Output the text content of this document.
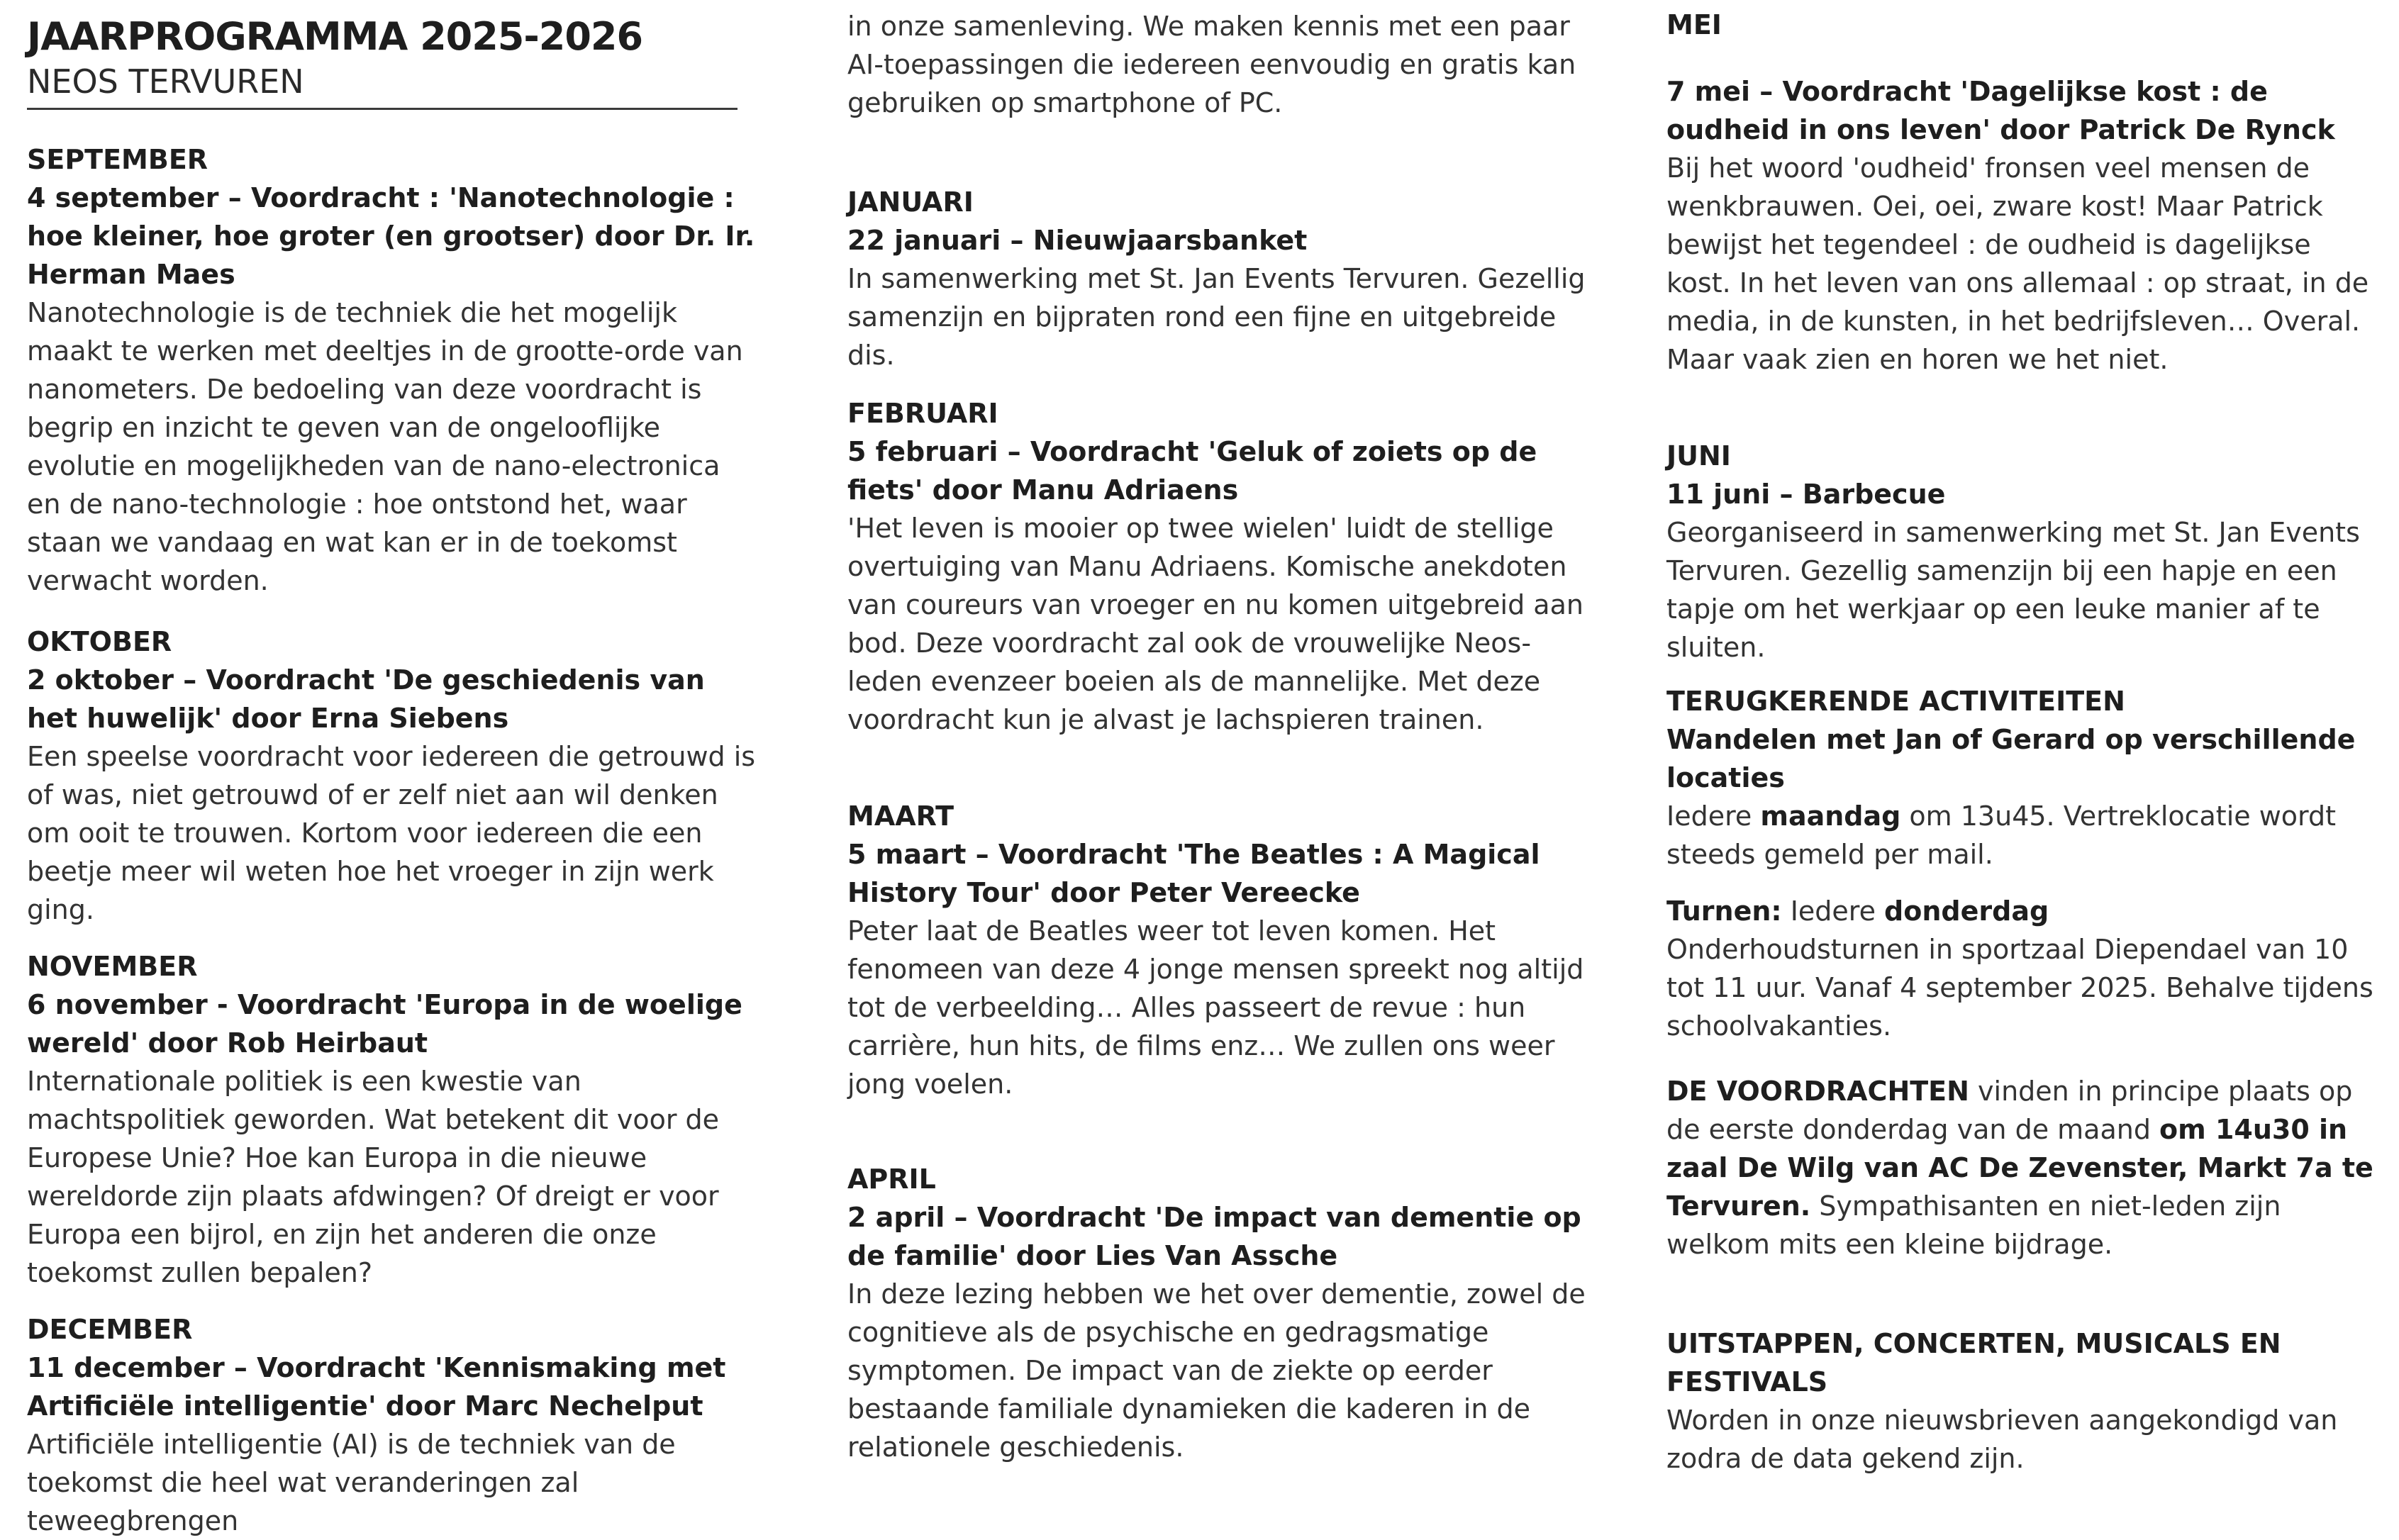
JAARPROGRAMMA 2025-2026
NEOS TERVUREN
SEPTEMBER
4 september – Voordracht : 'Nanotechnologie : hoe kleiner, hoe groter (en grootser) door Dr. Ir. Herman Maes

Nanotechnologie is de techniek die het mogelijk maakt te werken met deeltjes in de grootte-orde van nanometers. De bedoeling van deze voordracht is begrip en inzicht te geven van de ongelooflijke evolutie en mogelijkheden van de nano-electronica en de nano-technologie : hoe ontstond het, waar staan we vandaag en wat kan er in de toekomst verwacht worden.

OKTOBER
2 oktober – Voordracht 'De geschiedenis van het huwelijk' door Erna Siebens

Een speelse voordracht voor iedereen die getrouwd is of was, niet getrouwd of er zelf niet aan wil denken om ooit te trouwen. Kortom voor iedereen die een beetje meer wil weten hoe het vroeger in zijn werk ging.

NOVEMBER
6 november - Voordracht 'Europa in de woelige wereld' door Rob Heirbaut

Internationale politiek is een kwestie van machtspolitiek geworden. Wat betekent dit voor de Europese Unie? Hoe kan Europa in die nieuwe wereldorde zijn plaats afdwingen? Of dreigt er voor Europa een bijrol, en zijn het anderen die onze toekomst zullen bepalen?

DECEMBER
11 december – Voordracht 'Kennismaking met Artificiële intelligentie' door Marc Nechelput

Artificiële intelligentie (AI) is de techniek van de toekomst die heel wat veranderingen zal teweegbrengen

in onze samenleving. We maken kennis met een paar AI-toepassingen die iedereen eenvoudig en gratis kan gebruiken op smartphone of PC.

JANUARI
22 januari – Nieuwjaarsbanket

In samenwerking met St. Jan Events Tervuren. Gezellig samenzijn en bijpraten rond een fijne en uitgebreide dis.

FEBRUARI
5 februari – Voordracht 'Geluk of zoiets op de fiets' door Manu Adriaens

'Het leven is mooier op twee wielen' luidt de stellige overtuiging van Manu Adriaens. Komische anekdoten van coureurs van vroeger en nu komen uitgebreid aan bod. Deze voordracht zal ook de vrouwelijke Neos-leden evenzeer boeien als de mannelijke. Met deze voordracht kun je alvast je lachspieren trainen.

MAART
5 maart – Voordracht 'The Beatles : A Magical History Tour' door Peter Vereecke

Peter laat de Beatles weer tot leven komen. Het fenomeen van deze 4 jonge mensen spreekt nog altijd tot de verbeelding… Alles passeert de revue : hun carrière, hun hits, de films enz… We zullen ons weer jong voelen.

APRIL
2 april – Voordracht 'De impact van dementie op de familie' door Lies Van Assche

In deze lezing hebben we het over dementie, zowel de cognitieve als de psychische en gedragsmatige symptomen. De impact van de ziekte op eerder bestaande familiale dynamieken die kaderen in de relationele geschiedenis.

MEI
7 mei – Voordracht 'Dagelijkse kost : de oudheid in ons leven' door Patrick De Rynck

Bij het woord 'oudheid' fronsen veel mensen de wenkbrauwen. Oei, oei, zware kost! Maar Patrick bewijst het tegendeel : de oudheid is dagelijkse kost. In het leven van ons allemaal : op straat, in de media, in de kunsten, in het bedrijfsleven… Overal. Maar vaak zien en horen we het niet.

JUNI
11 juni – Barbecue

Georganiseerd in samenwerking met St. Jan Events Tervuren. Gezellig samenzijn bij een hapje en een tapje om het werkjaar op een leuke manier af te sluiten.

TERUGKERENDE ACTIVITEITEN
Wandelen met Jan of Gerard op verschillende locaties

Iedere maandag om 13u45. Vertreklocatie wordt steeds gemeld per mail.

Turnen: Iedere donderdag

Onderhoudsturnen in sportzaal Diependael van 10 tot 11 uur. Vanaf 4 september 2025. Behalve tijdens schoolvakanties.

DE VOORDRACHTEN vinden in principe plaats op de eerste donderdag van de maand om 14u30 in zaal De Wilg van AC De Zevenster, Markt 7a te Tervuren. Sympathisanten en niet-leden zijn welkom mits een kleine bijdrage.

UITSTAPPEN, CONCERTEN, MUSICALS EN FESTIVALS

Worden in onze nieuwsbrieven aangekondigd van zodra de data gekend zijn.
